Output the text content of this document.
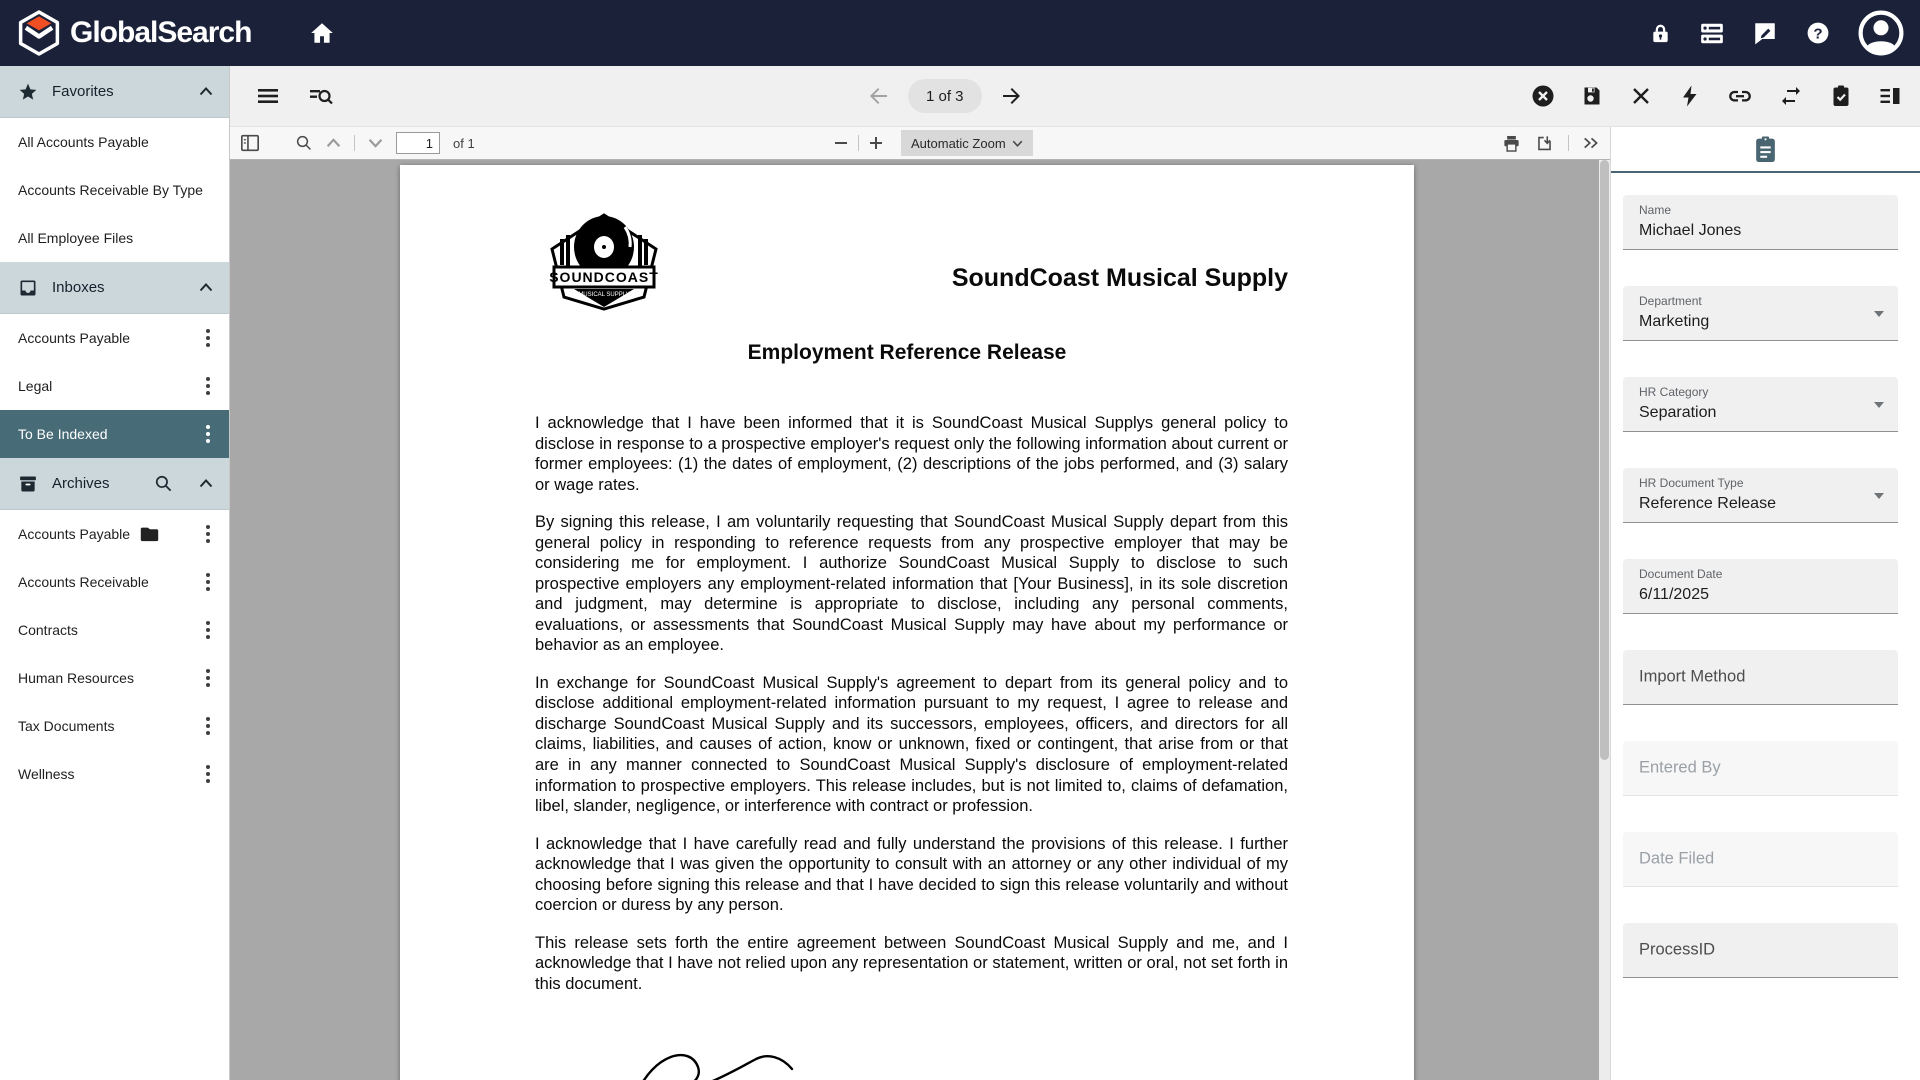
GlobalSearch	?
Favorites
All Accounts Payable
Accounts Receivable By Type
All Employee Files
Inboxes
Accounts Payable
Legal
To Be Indexed
Archives
Accounts Payable
Accounts Receivable
Contracts
Human Resources
Tax Documents
Wellness
1 of 3
1
of 1	Automatic Zoom
SOUNDCOAST
MUSICAL SUPPLY
SoundCoast Musical Supply
Employment Reference Release

I acknowledge that I have been informed that it is SoundCoast Musical Supplys general policy to disclose in response to a prospective employer's request only the following information about current or former employees: (1) the dates of employment, (2) descriptions of the jobs performed, and (3) salary or wage rates.

By signing this release, I am voluntarily requesting that SoundCoast Musical Supply depart from this general policy in responding to reference requests from any prospective employer that may be considering me for employment. I authorize SoundCoast Musical Supply to disclose to such prospective employers any employment-related information that [Your Business], in its sole discretion and judgment, may determine is appropriate to disclose, including any personal comments, evaluations, or assessments that SoundCoast Musical Supply may have about my performance or behavior as an employee.

In exchange for SoundCoast Musical Supply's agreement to depart from its general policy and to disclose additional employment-related information pursuant to my request, I agree to release and discharge SoundCoast Musical Supply and its successors, employees, officers, and directors for all claims, liabilities, and causes of action, know or unknown, fixed or contingent, that arise from or that are in any manner connected to SoundCoast Musical Supply's disclosure of employment-related information to prospective employers. This release includes, but is not limited to, claims of defamation, libel, slander, negligence, or interference with contract or profession.

I acknowledge that I have carefully read and fully understand the provisions of this release. I further acknowledge that I was given the opportunity to consult with an attorney or any other individual of my choosing before signing this release and that I have decided to sign this release voluntarily and without coercion or duress by any person.

This release sets forth the entire agreement between SoundCoast Musical Supply and me, and I acknowledge that I have not relied upon any representation or statement, written or oral, not set forth in this document.

Name
Michael Jones
Department
Marketing
HR Category
Separation
HR Document Type
Reference Release
Document Date
6/11/2025
Import Method
Entered By
Date Filed
ProcessID
